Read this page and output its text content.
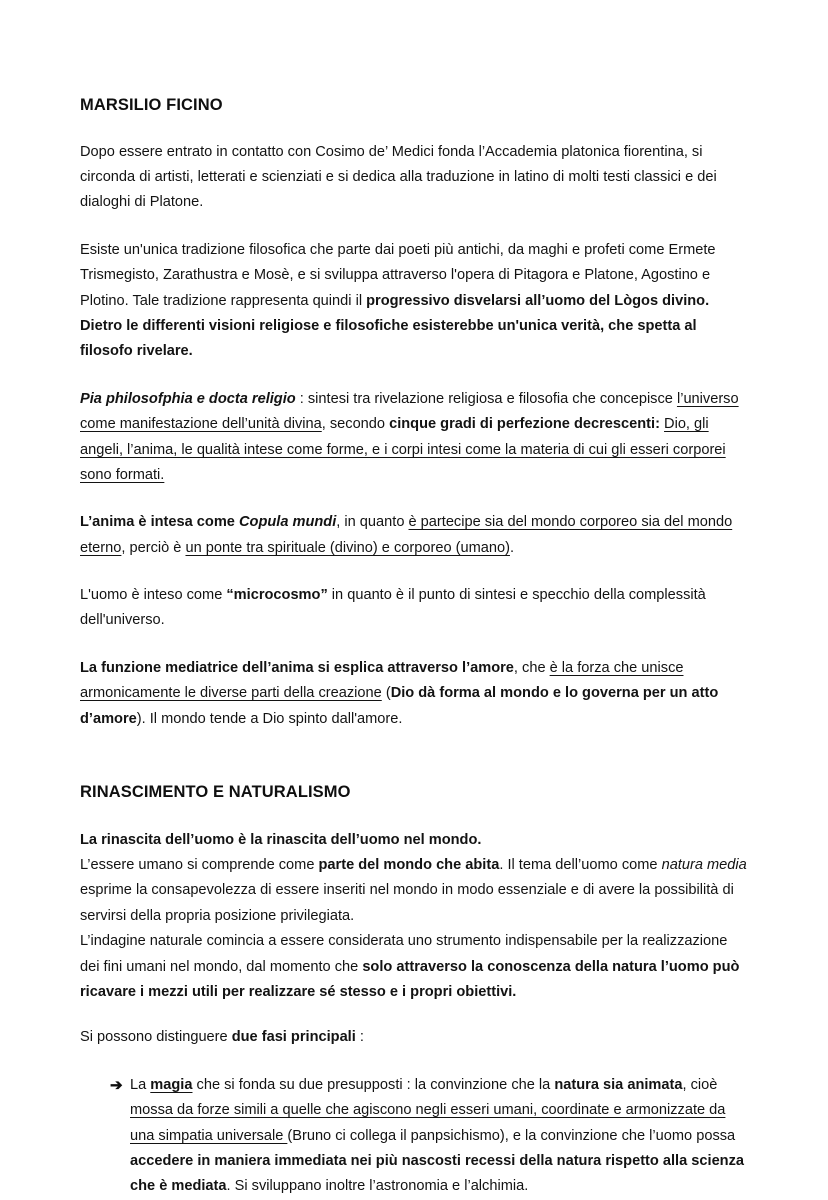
MARSILIO FICINO

Dopo essere entrato in contatto con Cosimo de’ Medici fonda l’Accademia platonica fiorentina, si circonda di artisti, letterati e scienziati e si dedica alla traduzione in latino di molti testi classici e dei dialoghi di Platone.

Esiste un'unica tradizione filosofica che parte dai poeti più antichi, da maghi e profeti come Ermete Trismegisto, Zarathustra e Mosè, e si sviluppa attraverso l'opera di Pitagora e Platone, Agostino e Plotino. Tale tradizione rappresenta quindi il progressivo disvelarsi all’uomo del Lògos divino. Dietro le differenti visioni religiose e filosofiche esisterebbe un'unica verità, che spetta al filosofo rivelare.

Pia philosofphia e docta religio : sintesi tra rivelazione religiosa e filosofia che concepisce l’universo come manifestazione dell’unità divina, secondo cinque gradi di perfezione decrescenti: Dio, gli angeli, l’anima, le qualità intese come forme, e i corpi intesi come la materia di cui gli esseri corporei sono formati.

L’anima è intesa come Copula mundi, in quanto è partecipe sia del mondo corporeo sia del mondo eterno, perciò è un ponte tra spirituale (divino) e corporeo (umano).

L'uomo è inteso come “microcosmo” in quanto è il punto di sintesi e specchio della complessità dell'universo.

La funzione mediatrice dell’anima si esplica attraverso l’amore, che è la forza che unisce armonicamente le diverse parti della creazione (Dio dà forma al mondo e lo governa per un atto d’amore). Il mondo tende a Dio spinto dall'amore.

RINASCIMENTO E NATURALISMO

La rinascita dell’uomo è la rinascita dell’uomo nel mondo.

L’essere umano si comprende come parte del mondo che abita. Il tema dell’uomo come natura media esprime la consapevolezza di essere inseriti nel mondo in modo essenziale e di avere la possibilità di servirsi della propria posizione privilegiata.

L’indagine naturale comincia a essere considerata uno strumento indispensabile per la realizzazione dei fini umani nel mondo, dal momento che solo attraverso la conoscenza della natura l’uomo può ricavare i mezzi utili per realizzare sé stesso e i propri obiettivi.

Si possono distinguere due fasi principali :

➔ La magia che si fonda su due presupposti : la convinzione che la natura sia animata, cioè mossa da forze simili a quelle che agiscono negli esseri umani, coordinate e armonizzate da una simpatia universale (Bruno ci collega il panpsichismo), e la convinzione che l’uomo possa accedere in maniera immediata nei più nascosti recessi della natura rispetto alla scienza che è mediata. Si sviluppano inoltre l’astronomia e l’alchimia.
